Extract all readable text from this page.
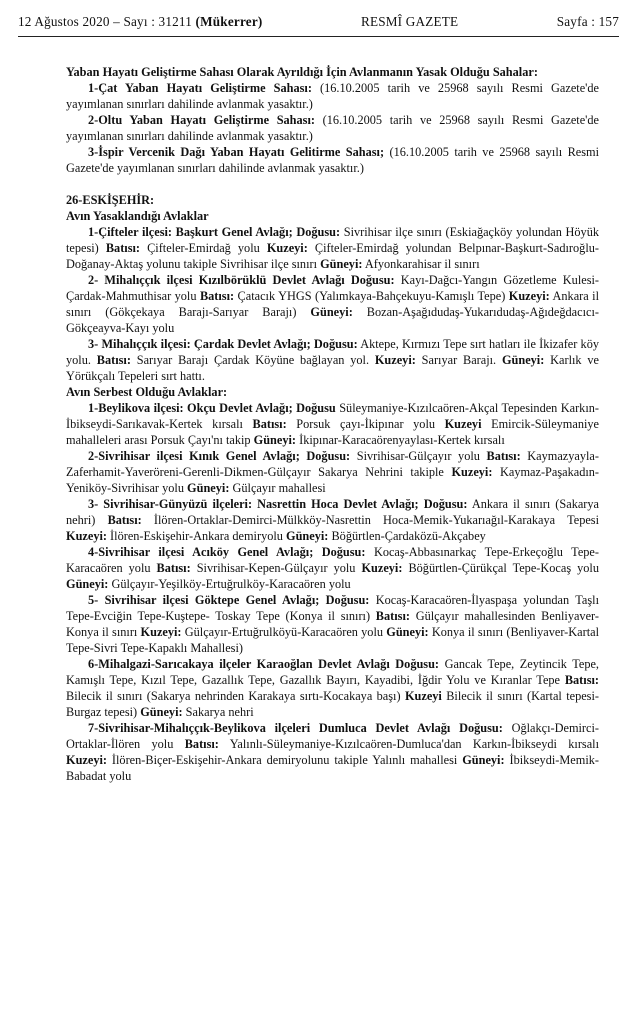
12 Ağustos 2020 – Sayı : 31211 (Mükerrer)	RESMÎ GAZETE	Sayfa : 157

Yaban Hayatı Geliştirme Sahası Olarak Ayrıldığı İçin Avlanmanın Yasak Olduğu Sahalar:

1-Çat Yaban Hayatı Geliştirme Sahası: (16.10.2005 tarih ve 25968 sayılı Resmi Gazete'de yayımlanan sınırları dahilinde avlanmak yasaktır.)

2-Oltu Yaban Hayatı Geliştirme Sahası: (16.10.2005 tarih ve 25968 sayılı Resmi Gazete'de yayımlanan sınırları dahilinde avlanmak yasaktır.)

3-İspir Vercenik Dağı Yaban Hayatı Gelitirme Sahası; (16.10.2005 tarih ve 25968 sayılı Resmi Gazete'de yayımlanan sınırları dahilinde avlanmak yasaktır.)

26-ESKİŞEHİR:

Avın Yasaklandığı Avlaklar

1-Çifteler ilçesi: Başkurt Genel Avlağı; Doğusu: Sivrihisar ilçe sınırı (Eskiağaçköy yolundan Höyük tepesi) Batısı: Çifteler-Emirdağ yolu Kuzeyi: Çifteler-Emirdağ yolundan Belpınar-Başkurt-Sadıroğlu-Doğanay-Aktaş yolunu takiple Sivrihisar ilçe sınırı Güneyi: Afyonkarahisar il sınırı

2- Mihalıççık ilçesi Kızılbörüklü Devlet Avlağı Doğusu: Kayı-Dağcı-Yangın Gözetleme Kulesi-Çardak-Mahmuthisar yolu Batısı: Çatacık YHGS (Yalımkaya-Bahçekuyu-Kamışlı Tepe) Kuzeyi: Ankara il sınırı (Gökçekaya Barajı-Sarıyar Barajı) Güneyi: Bozan-Aşağıdudaş-Yukarıdudaş-Ağıdeğdacıcı-Gökçeayva-Kayı yolu

3- Mihalıççık ilçesi: Çardak Devlet Avlağı; Doğusu: Aktepe, Kırmızı Tepe sırt hatları ile İkizafer köy yolu. Batısı: Sarıyar Barajı Çardak Köyüne bağlayan yol. Kuzeyi: Sarıyar Barajı. Güneyi: Karlık ve Yörükçalı Tepeleri sırt hattı.

Avın Serbest Olduğu Avlaklar:

1-Beylikova ilçesi: Okçu Devlet Avlağı; Doğusu Süleymaniye-Kızılcaören-Akçal Tepesinden Karkın-İbikseydi-Sarıkavak-Kertek kırsalı Batısı: Porsuk çayı-İkipınar yolu Kuzeyi Emircik-Süleymaniye mahalleleri arası Porsuk Çayı'nı takip Güneyi: İkipınar-Karacaörenyaylası-Kertek kırsalı

2-Sivrihisar ilçesi Kınık Genel Avlağı; Doğusu: Sivrihisar-Gülçayır yolu Batısı: Kaymazyayla-Zaferhamit-Yaveröreni-Gerenli-Dikmen-Gülçayır Sakarya Nehrini takiple Kuzeyi: Kaymaz-Paşakadın-Yeniköy-Sivrihisar yolu Güneyi: Gülçayır mahallesi

3- Sivrihisar-Günyüzü ilçeleri: Nasrettin Hoca Devlet Avlağı; Doğusu: Ankara il sınırı (Sakarya nehri) Batısı: İlören-Ortaklar-Demirci-Mülkköy-Nasrettin Hoca-Memik-Yukarıağıl-Karakaya Tepesi Kuzeyi: İlören-Eskişehir-Ankara demiryolu Güneyi: Böğürtlen-Çardaközü-Akçabey

4-Sivrihisar ilçesi Acıköy Genel Avlağı; Doğusu: Kocaş-Abbasınarkaç Tepe-Erkeçoğlu Tepe-Karacaören yolu Batısı: Sivrihisar-Kepen-Gülçayır yolu Kuzeyi: Böğürtlen-Çürükçal Tepe-Kocaş yolu Güneyi: Gülçayır-Yeşilköy-Ertuğrulköy-Karacaören yolu

5- Sivrihisar ilçesi Göktepe Genel Avlağı; Doğusu: Kocaş-Karacaören-İlyaspaşa yolundan Taşlı Tepe-Evciğin Tepe-Kuştepe- Toskay Tepe (Konya il sınırı) Batısı: Gülçayır mahallesinden Benliyaver-Konya il sınırı Kuzeyi: Gülçayır-Ertuğrulköyü-Karacaören yolu Güneyi: Konya il sınırı (Benliyaver-Kartal Tepe-Sivri Tepe-Kapaklı Mahallesi)

6-Mihalgazi-Sarıcakaya ilçeler Karaoğlan Devlet Avlağı Doğusu: Gancak Tepe, Zeytincik Tepe, Kamışlı Tepe, Kızıl Tepe, Gazallık Tepe, Gazallık Bayırı, Kayadibi, İğdir Yolu ve Kıranlar Tepe Batısı: Bilecik il sınırı (Sakarya nehrinden Karakaya sırtı-Kocakaya başı) Kuzeyi Bilecik il sınırı (Kartal tepesi-Burgaz tepesi) Güneyi: Sakarya nehri

7-Sivrihisar-Mihalıççık-Beylikova ilçeleri Dumluca Devlet Avlağı Doğusu: Oğlakçı-Demirci-Ortaklar-İlören yolu Batısı: Yalınlı-Süleymaniye-Kızılcaören-Dumluca'dan Karkın-İbikseydi kırsalı Kuzeyi: İlören-Biçer-Eskişehir-Ankara demiryolunu takiple Yalınlı mahallesi Güneyi: İbikseydi-Memik-Babadat yolu
